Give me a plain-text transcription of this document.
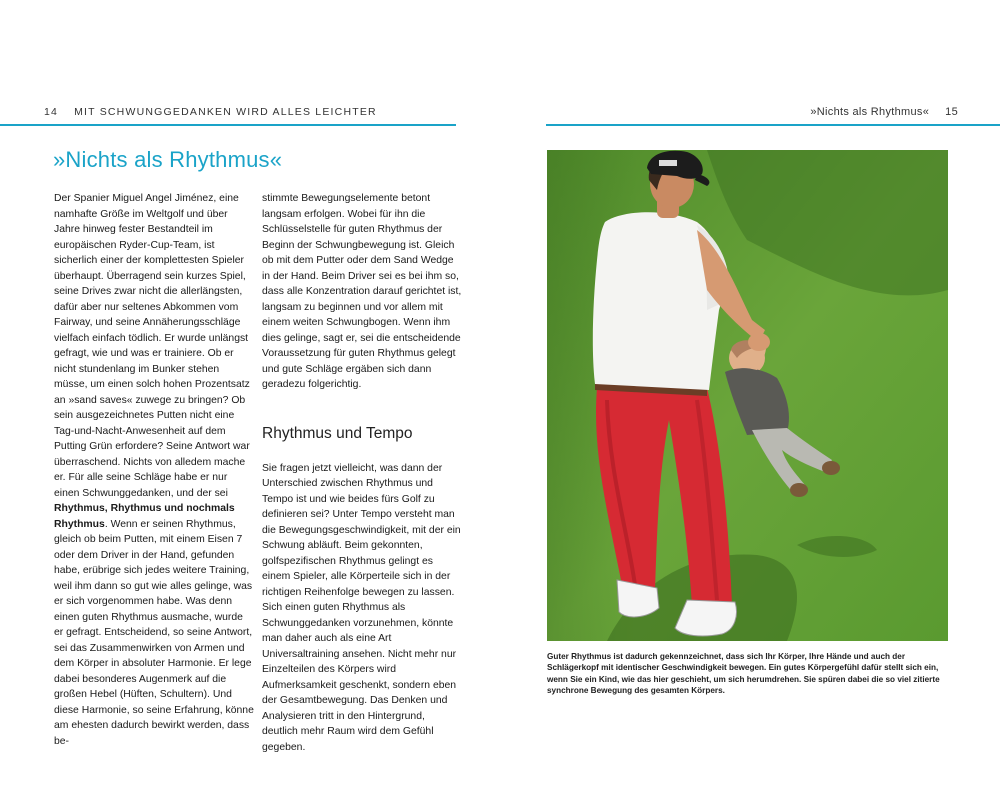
14 MIT SCHWUNGGEDANKEN WIRD ALLES LEICHTER	»Nichts als Rhythmus« 15
»Nichts als Rhythmus«

Der Spanier Miguel Angel Jiménez, eine namhafte Größe im Weltgolf und über Jahre hinweg fester Bestandteil im europäischen Ryder-Cup-Team, ist sicherlich einer der komplettesten Spieler überhaupt. Überragend sein kurzes Spiel, seine Drives zwar nicht die allerlängsten, dafür aber nur seltenes Abkommen vom Fairway, und seine Annäherungsschläge vielfach einfach tödlich. Er wurde unlängst gefragt, wie und was er trainiere. Ob er nicht stundenlang im Bunker stehen müsse, um einen solch hohen Prozentsatz an »sand saves« zuwege zu bringen? Ob sein ausgezeichnetes Putten nicht eine Tag-und-Nacht-Anwesenheit auf dem Putting Grün erfordere? Seine Antwort war überraschend. Nichts von alledem mache er. Für alle seine Schläge habe er nur einen Schwunggedanken, und der sei Rhythmus, Rhythmus und nochmals Rhythmus. Wenn er seinen Rhythmus, gleich ob beim Putten, mit einem Eisen 7 oder dem Driver in der Hand, gefunden habe, erübrige sich jedes weitere Training, weil ihm dann so gut wie alles gelinge, was er sich vorgenommen habe. Was denn einen guten Rhythmus ausmache, wurde er gefragt. Entscheidend, so seine Antwort, sei das Zusammenwirken von Armen und dem Körper in absoluter Harmonie. Er lege dabei besonderes Augenmerk auf die großen Hebel (Hüften, Schultern). Und diese Harmonie, so seine Erfahrung, könne am ehesten dadurch bewirkt werden, dass be-

stimmte Bewegungselemente betont langsam erfolgen. Wobei für ihn die Schlüsselstelle für guten Rhythmus der Beginn der Schwungbewegung ist. Gleich ob mit dem Putter oder dem Sand Wedge in der Hand. Beim Driver sei es bei ihm so, dass alle Konzentration darauf gerichtet ist, langsam zu beginnen und vor allem mit einem weiten Schwungbogen. Wenn ihm dies gelinge, sagt er, sei die entscheidende Voraussetzung für guten Rhythmus gelegt und gute Schläge ergäben sich dann geradezu folgerichtig.

Rhythmus und Tempo

Sie fragen jetzt vielleicht, was dann der Unterschied zwischen Rhythmus und Tempo ist und wie beides fürs Golf zu definieren sei? Unter Tempo versteht man die Bewegungsgeschwindigkeit, mit der ein Schwung abläuft. Beim gekonnten, golfspezifischen Rhythmus gelingt es einem Spieler, alle Körperteile sich in der richtigen Reihenfolge bewegen zu lassen. Sich einen guten Rhythmus als Schwunggedanken vorzunehmen, könnte man daher auch als eine Art Universaltraining ansehen. Nicht mehr nur Einzelteilen des Körpers wird Aufmerksamkeit geschenkt, sondern eben der Gesamtbewegung. Das Denken und Analysieren tritt in den Hintergrund, deutlich mehr Raum wird dem Gefühl gegeben.

Guter Rhythmus ist dadurch gekennzeichnet, dass sich Ihr Körper, Ihre Hände und auch der Schlägerkopf mit identischer Geschwindigkeit bewegen. Ein gutes Körpergefühl dafür stellt sich ein, wenn Sie ein Kind, wie das hier geschieht, um sich herumdrehen. Sie spüren dabei die so viel zitierte synchrone Bewegung des gesamten Körpers.
